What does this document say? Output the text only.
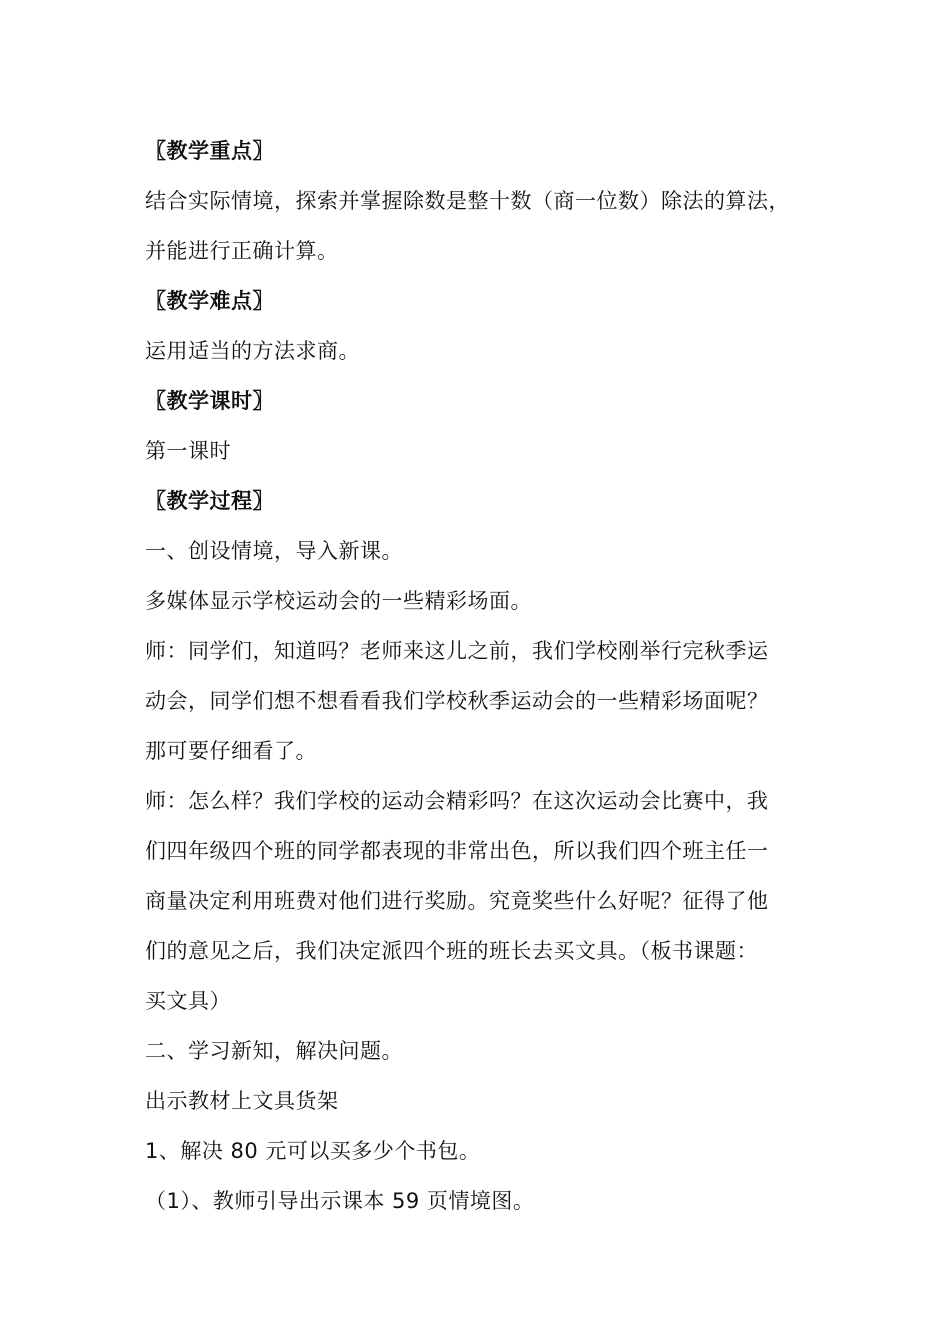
〖教学重点〗
结合实际情境，探索并掌握除数是整十数（商一位数）除法的算法，
并能进行正确计算。
〖教学难点〗
运用适当的方法求商。
〖教学课时〗
第一课时
〖教学过程〗
一、创设情境，导入新课。
多媒体显示学校运动会的一些精彩场面。
师：同学们，知道吗？老师来这儿之前，我们学校刚举行完秋季运
动会，同学们想不想看看我们学校秋季运动会的一些精彩场面呢？
那可要仔细看了。
师：怎么样？我们学校的运动会精彩吗？在这次运动会比赛中，我
们四年级四个班的同学都表现的非常出色，所以我们四个班主任一
商量决定利用班费对他们进行奖励。究竟奖些什么好呢？征得了他
们的意见之后，我们决定派四个班的班长去买文具。（板书课题：
买文具）
二、学习新知，解决问题。
出示教材上文具货架
1、解决 80 元可以买多少个书包。
（1）、教师引导出示课本 59 页情境图。
